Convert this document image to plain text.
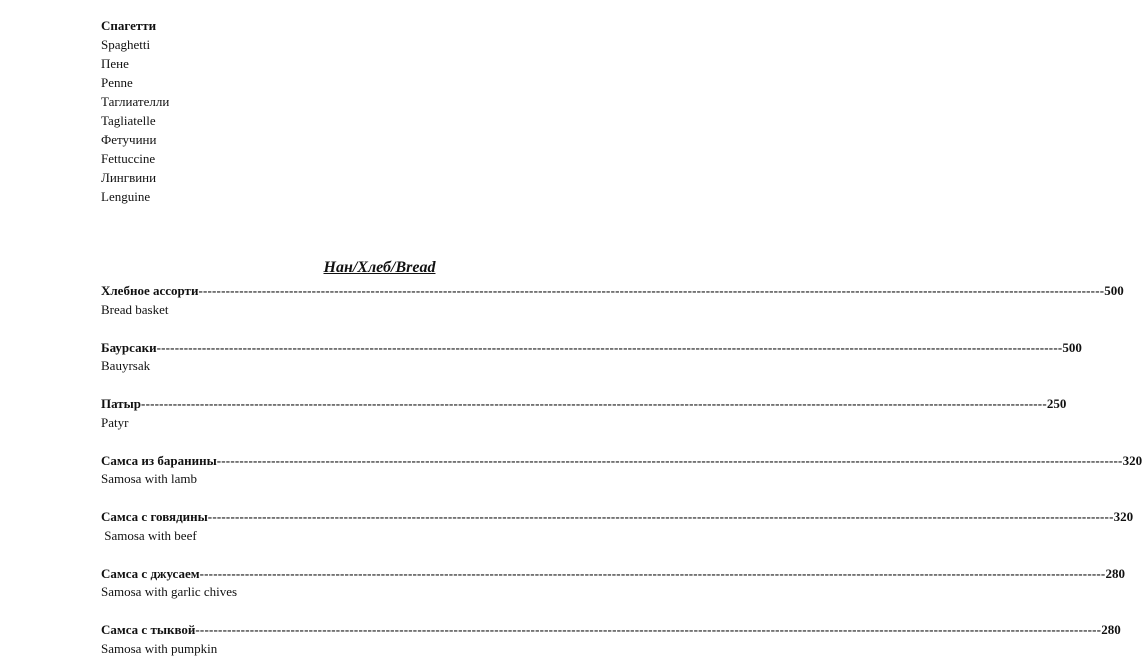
Спагетти
Spaghetti
Пене
Penne
Таглиателли
Tagliatelle
Фетучини
Fettuccine
Лингвини
Lenguine
Нан/Хлеб/Bread
Хлебное ассорти -------------------------------------------------------------------------------------------------------------------------------------------------------------------------------------------------------- 500
Bread basket
Баурсаки -------------------------------------------------------------------------------------------------------------------------------------------------------------------------------------------------------- 500
Bauyrsak
Патыр -------------------------------------------------------------------------------------------------------------------------------------------------------------------------------------------------------- 250
Patyr
Самса из баранины -------------------------------------------------------------------------------------------------------------------------------------------------------------------------------------------------------- 320
Samosa with lamb
Самса с говядины -------------------------------------------------------------------------------------------------------------------------------------------------------------------------------------------------------- 320
Samosa with beef
Самса с джусаем -------------------------------------------------------------------------------------------------------------------------------------------------------------------------------------------------------- 280
Samosa with garlic chives
Самса с тыквой -------------------------------------------------------------------------------------------------------------------------------------------------------------------------------------------------------- 280
Samosa with pumpkin
